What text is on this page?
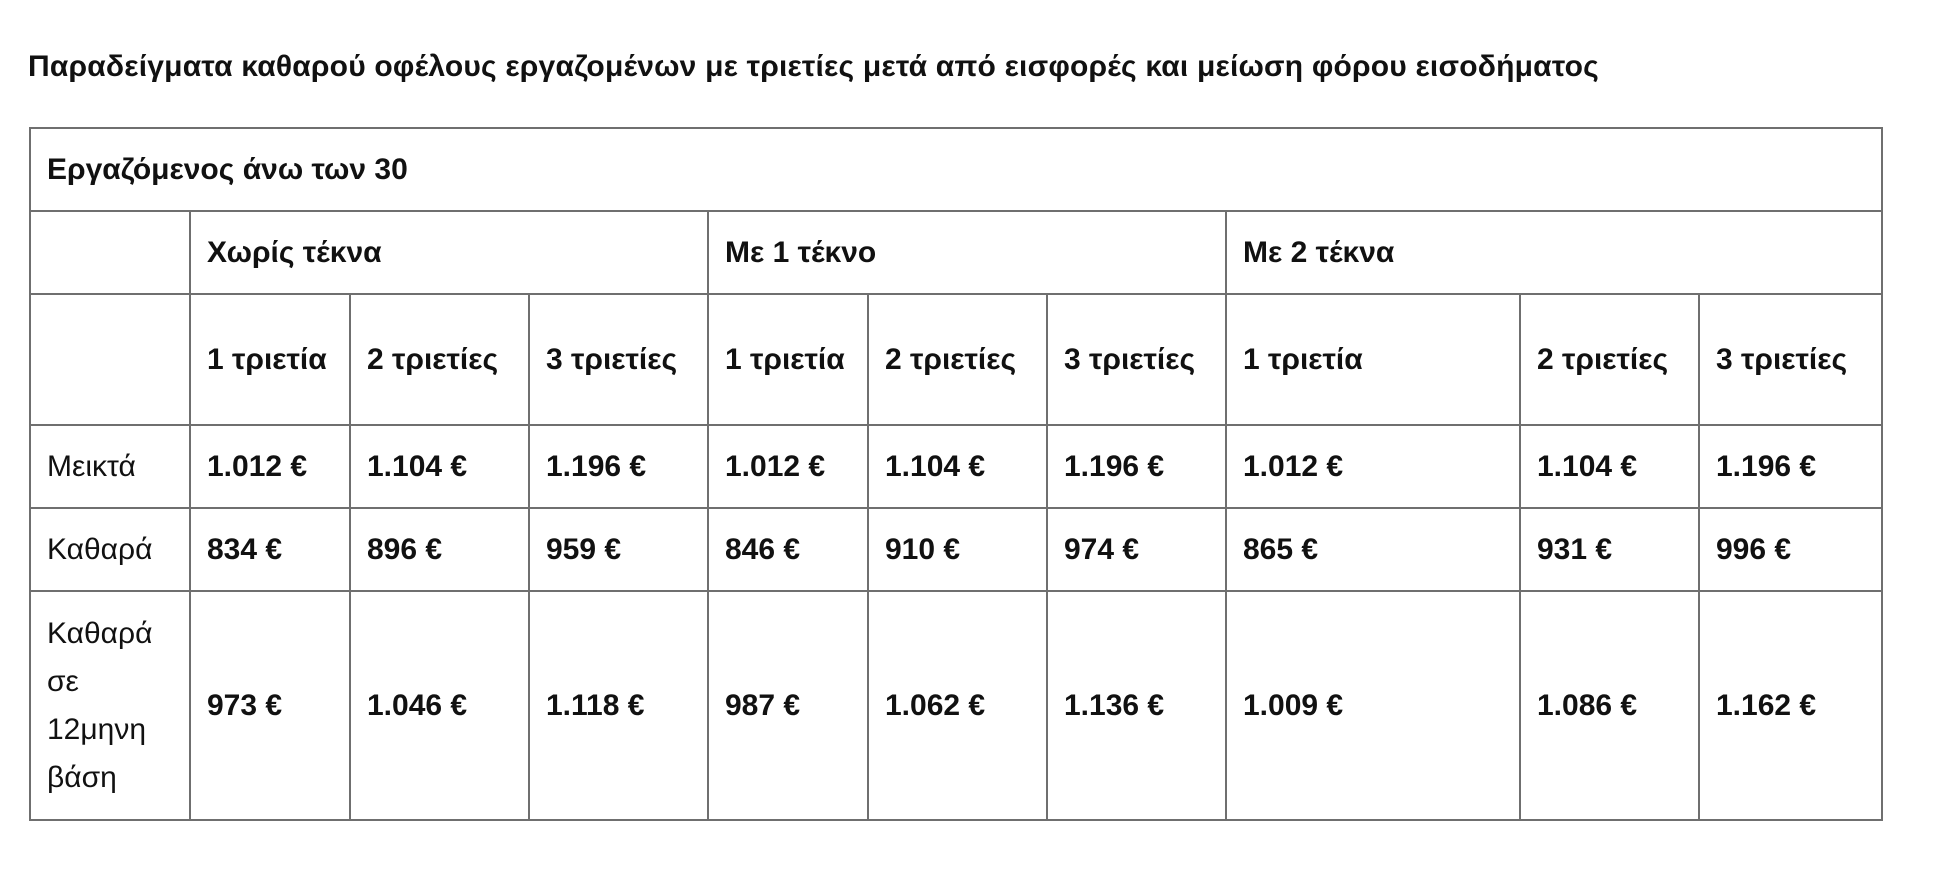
Παραδείγματα καθαρού οφέλους εργαζομένων με τριετίες μετά από εισφορές και μείωση φόρου εισοδήματος
Εργαζόμενος άνω των 30									
	Χωρίς τέκνα			Με 1 τέκνο			Με 2 τέκνα		
	1 τριετία	2 τριετίες	3 τριετίες	1 τριετία	2 τριετίες	3 τριετίες	1 τριετία	2 τριετίες	3 τριετίες
Μεικτά	1.012 €	1.104 €	1.196 €	1.012 €	1.104 €	1.196 €	1.012 €	1.104 €	1.196 €
Καθαρά	834 €	896 €	959 €	846 €	910 €	974 €	865 €	931 €	996 €
Καθαρά σε 12μηνη βάση	973 €	1.046 €	1.118 €	987 €	1.062 €	1.136 €	1.009 €	1.086 €	1.162 €
